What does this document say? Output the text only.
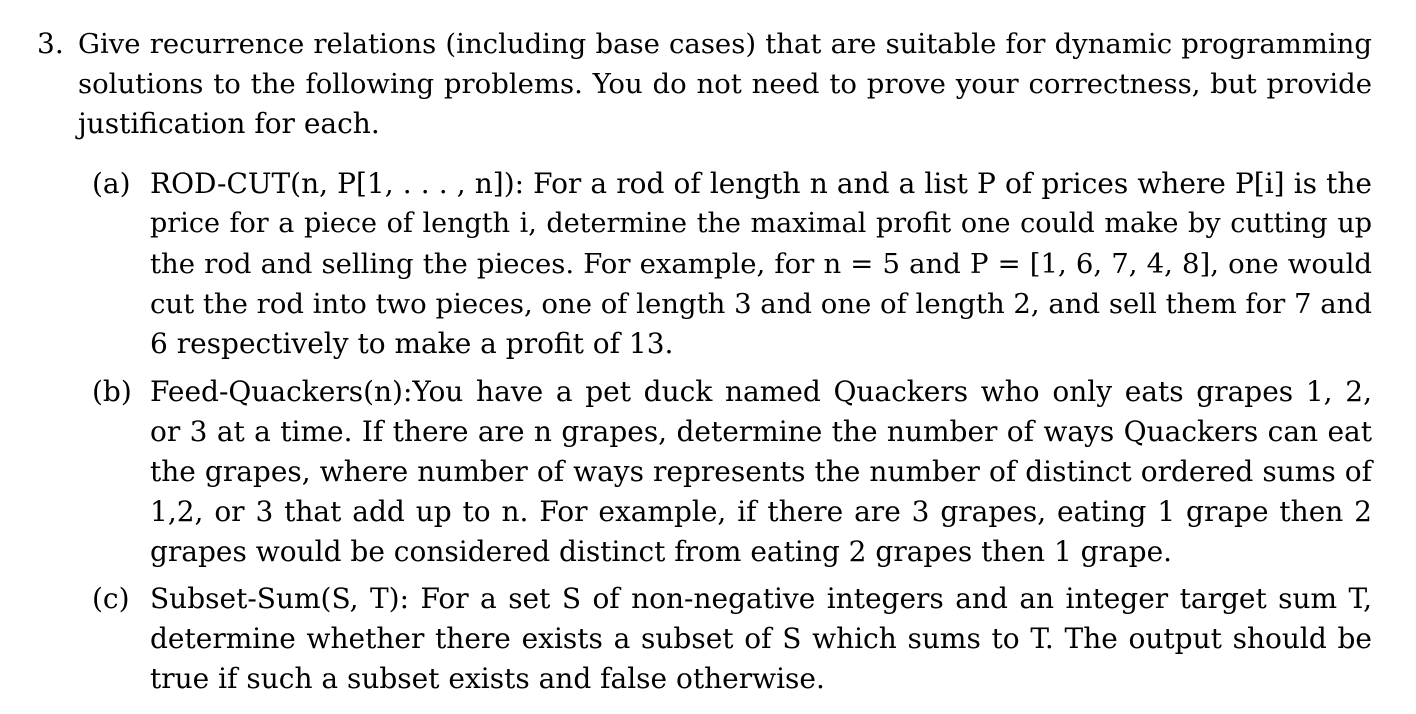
3. Give recurrence relations (including base cases) that are suitable for dynamic programming
solutions to the following problems. You do not need to prove your correctness, but provide
justification for each.
(a) ROD-CUT(n, P[1, . . . , n]): For a rod of length n and a list P of prices where P[i] is the
price for a piece of length i, determine the maximal profit one could make by cutting up
the rod and selling the pieces. For example, for n = 5 and P = [1, 6, 7, 4, 8], one would
cut the rod into two pieces, one of length 3 and one of length 2, and sell them for 7 and
6 respectively to make a profit of 13.
(b) Feed-Quackers(n):You have a pet duck named Quackers who only eats grapes 1, 2,
or 3 at a time. If there are n grapes, determine the number of ways Quackers can eat
the grapes, where number of ways represents the number of distinct ordered sums of
1,2, or 3 that add up to n. For example, if there are 3 grapes, eating 1 grape then 2
grapes would be considered distinct from eating 2 grapes then 1 grape.
(c) Subset-Sum(S, T): For a set S of non-negative integers and an integer target sum T,
determine whether there exists a subset of S which sums to T. The output should be
true if such a subset exists and false otherwise.
